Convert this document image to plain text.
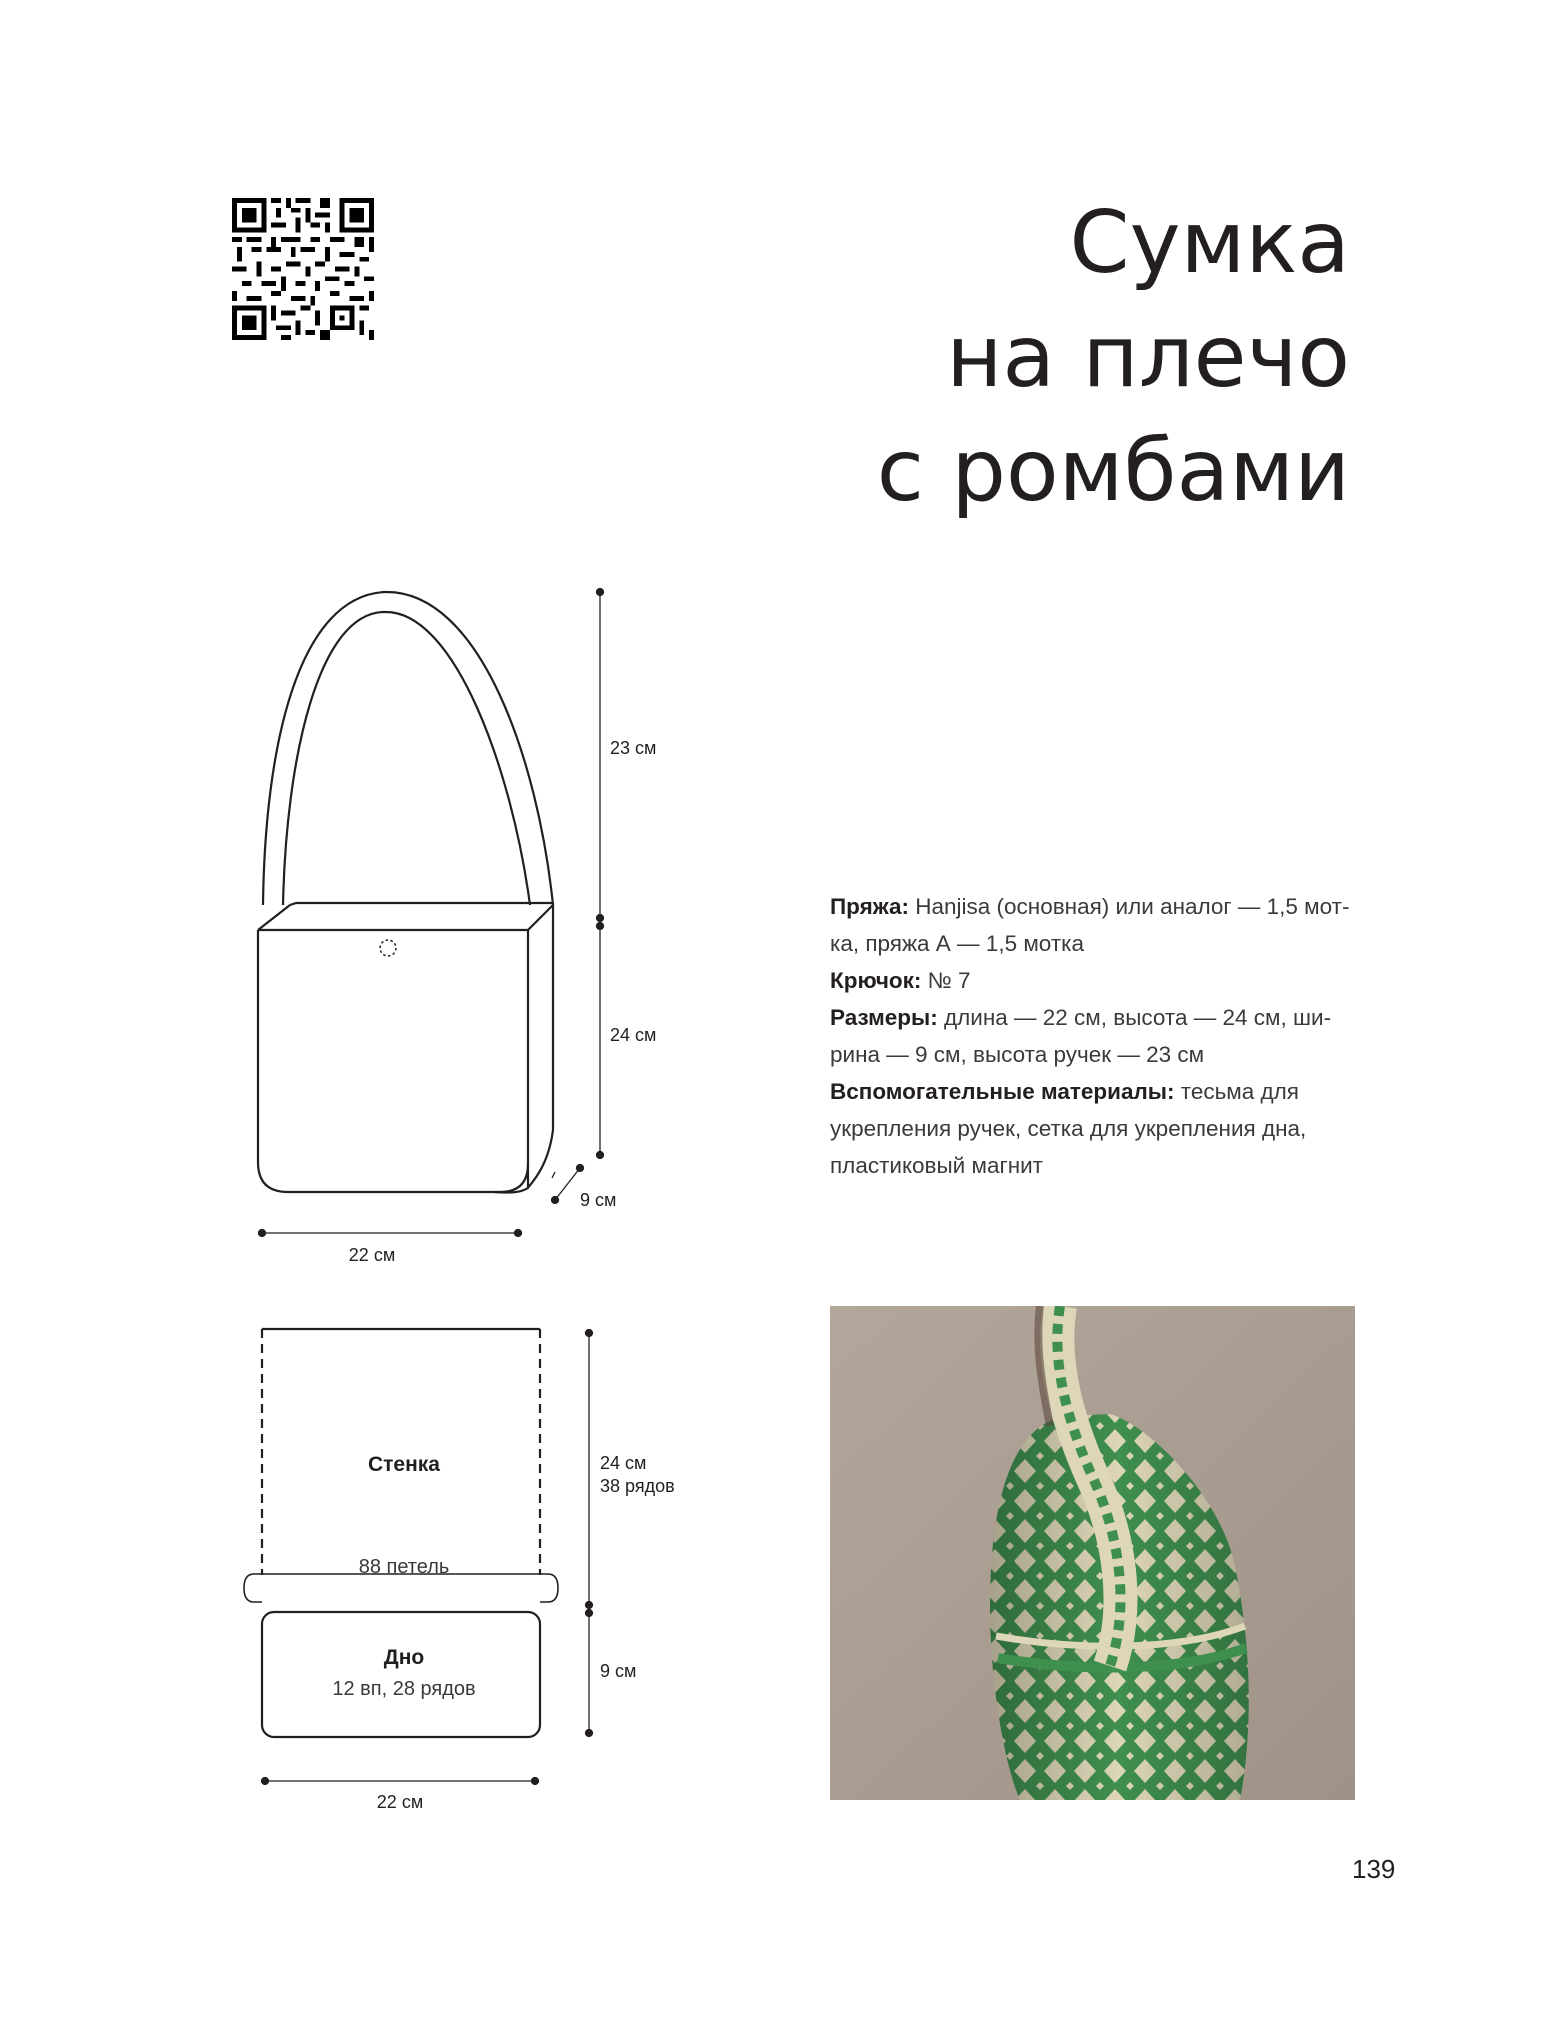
Сумка
на плечо
с ромбами
23 см
24 см
9 см
22 см
Стенка
88 петель
Дно
12 вп, 28 рядов
24 см
38 рядов
9 см
22 см

Пряжа: Hanjisa (основная) или аналог — 1,5 мот-ка, пряжа А — 1,5 мотка

Крючок: № 7

Размеры: длина — 22 см, высота — 24 см, ши-рина — 9 см, высота ручек — 23 см

Вспомогательные материалы: тесьма для укрепления ручек, сетка для укрепления дна, пластиковый магнит

139
